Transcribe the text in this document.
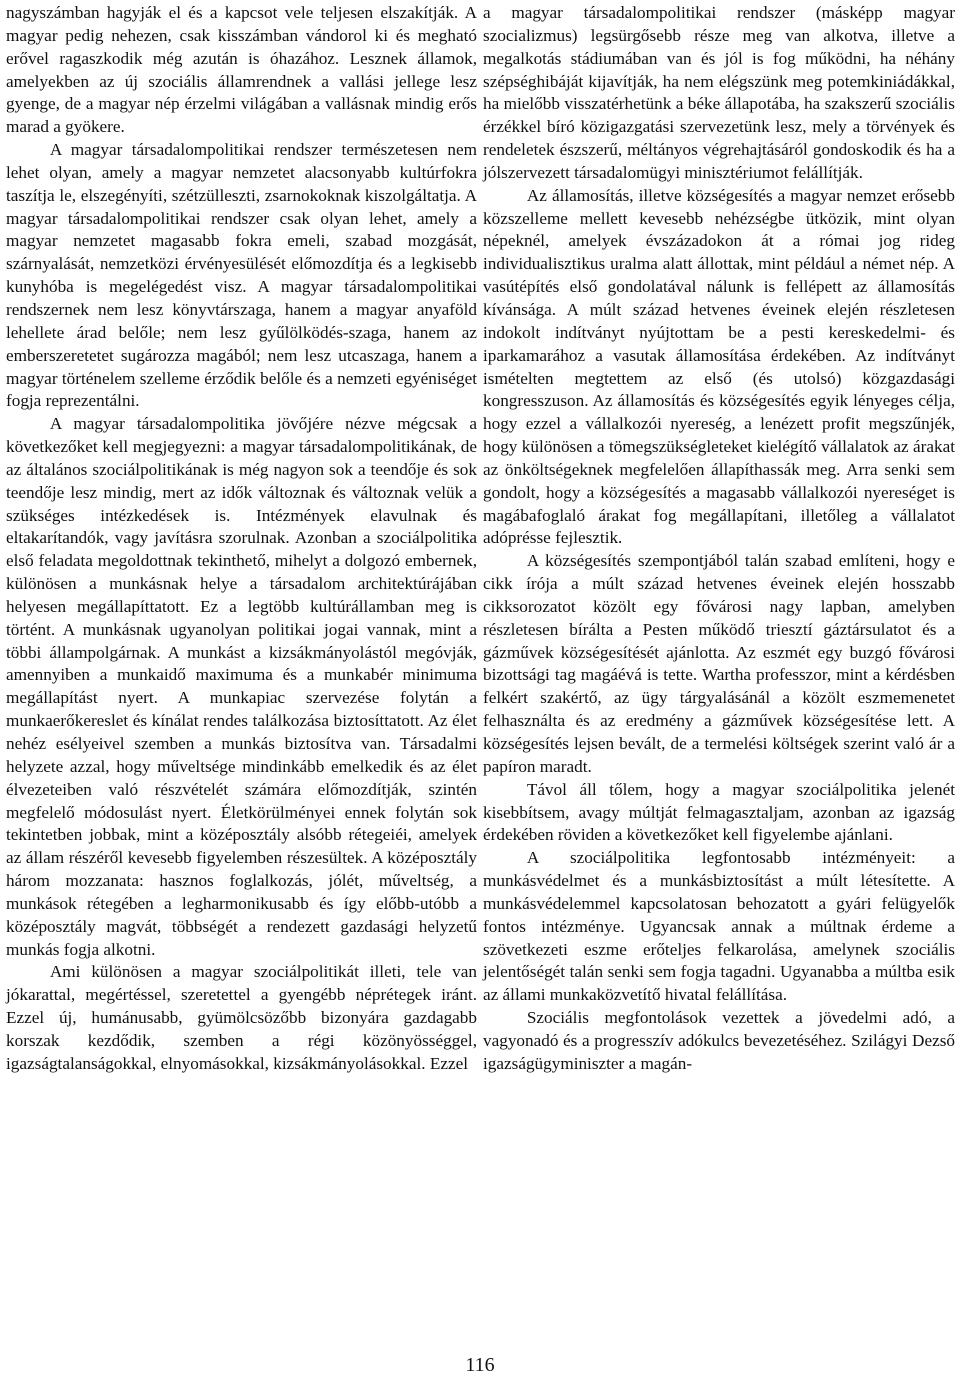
nagyszámban hagyják el és a kapcsot vele teljesen elszakítják. A magyar pedig nehezen, csak kisszámban vándorol ki és megható erővel ragaszkodik még azután is óhazához. Lesznek államok, amelyekben az új szociális államrendnek a vallási jellege lesz gyenge, de a magyar nép érzelmi világában a vallásnak mindig erős marad a gyökere.

A magyar társadalompolitikai rendszer természetesen nem lehet olyan, amely a magyar nemzetet alacsonyabb kultúrfokra taszítja le, elszegényíti, szétzülleszti, zsarnokoknak kiszolgáltatja. A magyar társadalompolitikai rendszer csak olyan lehet, amely a magyar nemzetet magasabb fokra emeli, szabad mozgását, szárnyalását, nemzetközi érvényesülését előmozdítja és a legkisebb kunyhóba is megelégedést visz. A magyar társadalompolitikai rendszernek nem lesz könyvtárszaga, hanem a magyar anyaföld lehellete árad belőle; nem lesz gyűlölködés-szaga, hanem az emberszeretetet sugározza magából; nem lesz utcaszaga, hanem a magyar történelem szelleme érződik belőle és a nemzeti egyéniséget fogja reprezentálni.

A magyar társadalompolitika jövőjére nézve mégcsak a következőket kell megjegyezni: a magyar társadalompolitikának, de az általános szociálpolitikának is még nagyon sok a teendője és sok teendője lesz mindig, mert az idők változnak és változnak velük a szükséges intézkedések is. Intézmények elavulnak és eltakarítandók, vagy javításra szorulnak. Azonban a szociálpolitika első feladata megoldottnak tekinthető, mihelyt a dolgozó embernek, különösen a munkásnak helye a társadalom architektúrájában helyesen megállapíttatott. Ez a legtöbb kultúrállamban meg is történt. A munkásnak ugyanolyan politikai jogai vannak, mint a többi állampolgárnak. A munkást a kizsákmányolástól megóvják, amennyiben a munkaidő maximuma és a munkabér minimuma megállapítást nyert. A munkapiac szervezése folytán a munkaerőkereslet és kínálat rendes találkozása biztosíttatott. Az élet nehéz esélyeivel szemben a munkás biztosítva van. Társadalmi helyzete azzal, hogy műveltsége mindinkább emelkedik és az élet élvezeteiben való részvételét számára előmozdítják, szintén megfelelő módosulást nyert. Életkörülményei ennek folytán sok tekintetben jobbak, mint a középosztály alsóbb rétegeiéi, amelyek az állam részéről kevesebb figyelemben részesültek. A középosztály három mozzanata: hasznos foglalkozás, jólét, műveltség, a munkások rétegében a legharmonikusabb és így előbb-utóbb a középosztály magvát, többségét a rendezett gazdasági helyzetű munkás fogja alkotni.

Ami különösen a magyar szociálpolitikát illeti, tele van jókarattal, megértéssel, szeretettel a gyengébb néprétegek iránt. Ezzel új, humánusabb, gyümölcsözőbb bizonyára gazdagabb korszak kezdődik, szemben a régi közönyösséggel, igazságtalanságokkal, elnyomásokkal, kizsákmányolásokkal. Ezzel

a magyar társadalompolitikai rendszer (másképp magyar szocializmus) legsürgősebb része meg van alkotva, illetve a megalkotás stádiumában van és jól is fog működni, ha néhány szépséghibáját kijavítják, ha nem elégszünk meg potemkiniádákkal, ha mielőbb visszatérhetünk a béke állapotába, ha szakszerű szociális érzékkel bíró közigazgatási szervezetünk lesz, mely a törvények és rendeletek észszerű, méltányos végrehajtásáról gondoskodik és ha a jólszervezett társadalomügyi minisztériumot felállítják.

Az államosítás, illetve községesítés a magyar nemzet erősebb közszelleme mellett kevesebb nehézségbe ütközik, mint olyan népeknél, amelyek évszázadokon át a római jog rideg individualisztikus uralma alatt állottak, mint például a német nép. A vasútépítés első gondolatával nálunk is fellépett az államosítás kívánsága. A múlt század hetvenes éveinek elején részletesen indokolt indítványt nyújtottam be a pesti kereskedelmi- és iparkamarához a vasutak államosítása érdekében. Az indítványt ismételten megtettem az első (és utolsó) közgazdasági kongresszuson. Az államosítás és községesítés egyik lényeges célja, hogy ezzel a vállalkozói nyereség, a lenézett profit megszűnjék, hogy különösen a tömegszükségleteket kielégítő vállalatok az árakat az önköltségeknek megfelelően állapíthassák meg. Arra senki sem gondolt, hogy a községesítés a magasabb vállalkozói nyereséget is magábafoglaló árakat fog megállapítani, illetőleg a vállalatot adóprésse fejlesztik.

A községesítés szempontjából talán szabad említeni, hogy e cikk írója a múlt század hetvenes éveinek elején hosszabb cikksorozatot közölt egy fővárosi nagy lapban, amelyben részletesen bírálta a Pesten működő triesztí gáztársulatot és a gázművek községesítését ajánlotta. Az eszmét egy buzgó fővárosi bizottsági tag magáévá is tette. Wartha professzor, mint a kérdésben felkért szakértő, az ügy tárgyalásánál a közölt eszmemenetet felhasználta és az eredmény a gázművek községesítése lett. A községesítés lejsen bevált, de a termelési költségek szerint való ár a papíron maradt.

Távol áll tőlem, hogy a magyar szociálpolitika jelenét kisebbítsem, avagy múltját felmagasztaljam, azonban az igazság érdekében röviden a következőket kell figyelembe ajánlani.

A szociálpolitika legfontosabb intézményeit: a munkásvédelmet és a munkásbiztosítást a múlt létesítette. A munkásvédelemmel kapcsolatosan behozatott a gyári felügyelők fontos intézménye. Ugyancsak annak a múltnak érdeme a szövetkezeti eszme erőteljes felkarolása, amelynek szociális jelentőségét talán senki sem fogja tagadni. Ugyanabba a múltba esik az állami munkaközvetítő hivatal felállítása.

Szociális megfontolások vezettek a jövedelmi adó, a vagyonadó és a progresszív adókulcs bevezetéséhez. Szilágyi Dezső igazságügyminiszter a magán-

116
